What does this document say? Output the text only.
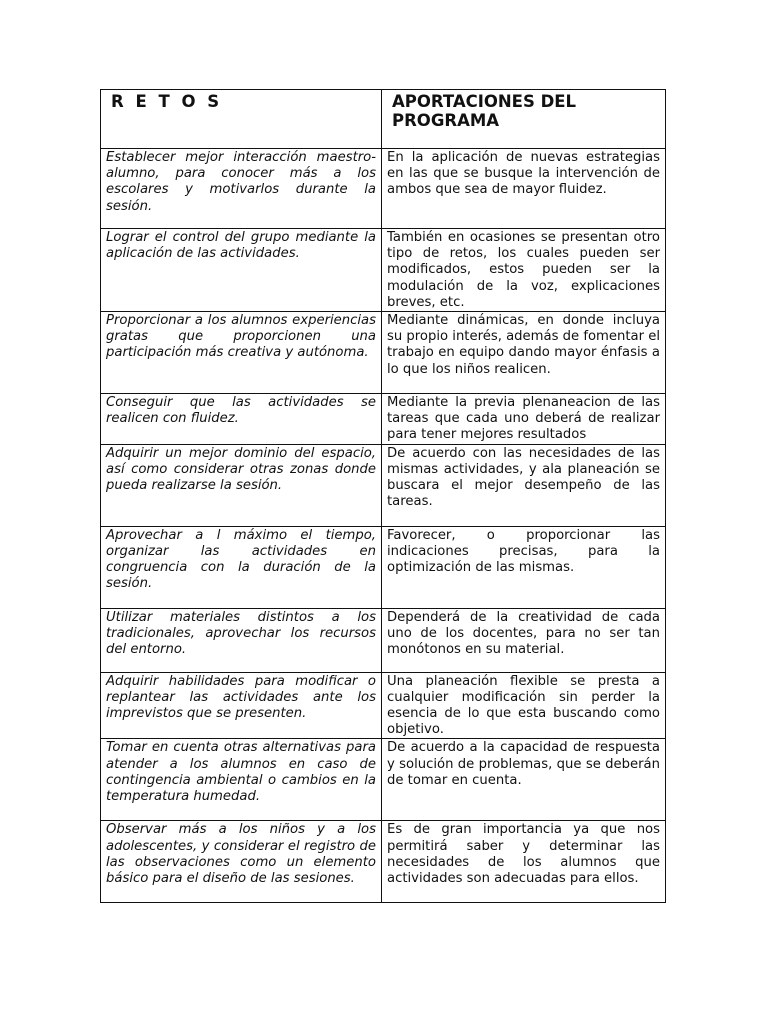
R E T O S	APORTACIONES DEL PROGRAMA
Establecer mejor interacción maestro-alumno, para conocer más a los escolares y motivarlos durante la sesión.	En la aplicación de nuevas estrategias en las que se busque la intervención de ambos que sea de mayor fluidez.
Lograr el control del grupo mediante la aplicación de las actividades.	También en ocasiones se presentan otro tipo de retos, los cuales pueden ser modificados, estos pueden ser la modulación de la voz, explicaciones breves, etc.
Proporcionar a los alumnos experiencias gratas que proporcionen una participación más creativa y autónoma.	Mediante dinámicas, en donde incluya su propio interés, además de fomentar el trabajo en equipo dando mayor énfasis a lo que los niños realicen.
Conseguir que las actividades se realicen con fluidez.	Mediante la previa plenaneacion de las tareas que cada uno deberá de realizar para tener mejores resultados
Adquirir un mejor dominio del espacio, así como considerar otras zonas donde pueda realizarse la sesión.	De acuerdo con las necesidades de las mismas actividades, y ala planeación se buscara el mejor desempeño de las tareas.
Aprovechar a l máximo el tiempo, organizar las actividades en congruencia con la duración de la sesión.	Favorecer, o proporcionar las indicaciones precisas, para la optimización de las mismas.
Utilizar materiales distintos a los tradicionales, aprovechar los recursos del entorno.	Dependerá de la creatividad de cada uno de los docentes, para no ser tan monótonos en su material.
Adquirir habilidades para modificar o replantear las actividades ante los imprevistos que se presenten.	Una planeación flexible se presta a cualquier modificación sin perder la esencia de lo que esta buscando como objetivo.
Tomar en cuenta otras alternativas para atender a los alumnos en caso de contingencia ambiental o cambios en la temperatura humedad.	De acuerdo a la capacidad de respuesta y solución de problemas, que se deberán de tomar en cuenta.
Observar más a los niños y a los adolescentes, y considerar el registro de las observaciones como un elemento básico para el diseño de las sesiones.	Es de gran importancia ya que nos permitirá saber y determinar las necesidades de los alumnos que actividades son adecuadas para ellos.
